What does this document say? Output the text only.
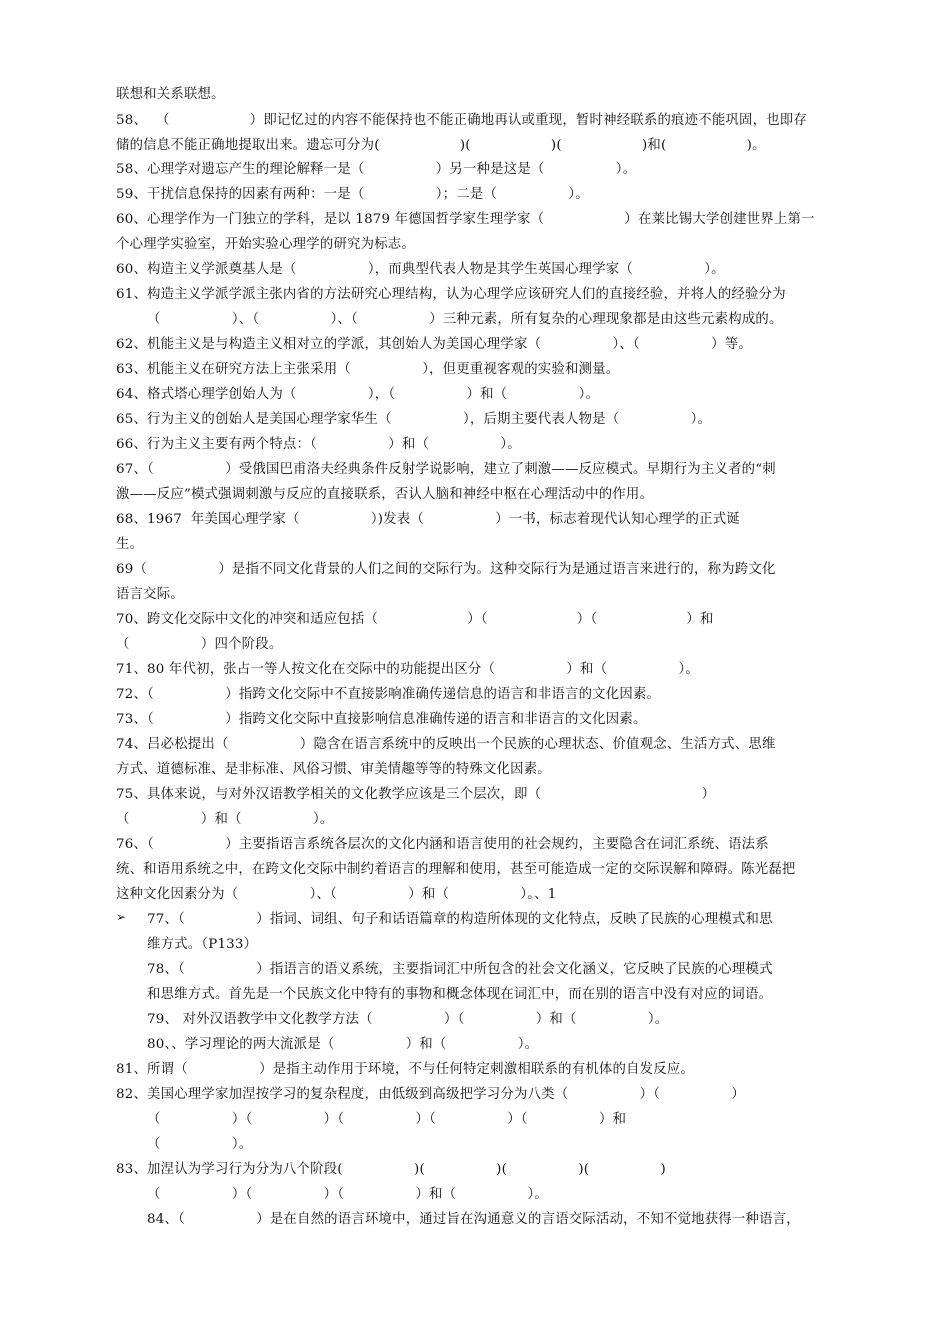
联想和关系联想。
58、  （                  ）即记忆过的内容不能保持也不能正确地再认或重现，暂时神经联系的痕迹不能巩固，也即存
储的信息不能正确地提取出来。遗忘可分为(                  )(                  )(                  )和(                  )。
58、心理学对遗忘产生的理论解释一是（                ）另一种是这是（                ）。
59、干扰信息保持的因素有两种：一是（                ）；二是（                ）。
60、心理学作为一门独立的学科，是以 1879 年德国哲学家生理学家（                  ）在莱比锡大学创建世界上第一
个心理学实验室，开始实验心理学的研究为标志。
60、构造主义学派奠基人是（                ），而典型代表人物是其学生英国心理学家（                ）。
61、构造主义学派学派主张内省的方法研究心理结构，认为心理学应该研究人们的直接经验，并将人的经验分为
（                ）、（                ）、（                ）三种元素，所有复杂的心理现象都是由这些元素构成的。
62、机能主义是与构造主义相对立的学派，其创始人为美国心理学家（                ）、（                ）等。
63、机能主义在研究方法上主张采用（                ），但更重视客观的实验和测量。
64、格式塔心理学创始人为（                ），（                ）和（                ）。
65、行为主义的创始人是美国心理学家华生（                ），后期主要代表人物是（                ）。
66、行为主义主要有两个特点：（                ）和（                ）。
67、（                ）受俄国巴甫洛夫经典条件反射学说影响，建立了刺激——反应模式。早期行为主义者的“刺
激——反应”模式强调刺激与反应的直接联系，否认人脑和神经中枢在心理活动中的作用。
68、1967  年美国心理学家（                ）)发表（                ）一书，标志着现代认知心理学的正式诞
生。
69（                ）是指不同文化背景的人们之间的交际行为。这种交际行为是通过语言来进行的，称为跨文化
语言交际。
70、跨文化交际中文化的冲突和适应包括（                    ）（                    ）（                    ）和
（                ）四个阶段。
71、80 年代初，张占一等人按文化在交际中的功能提出区分（                ）和（                ）。
72、（                ）指跨文化交际中不直接影响准确传递信息的语言和非语言的文化因素。
73、（                ）指跨文化交际中直接影响信息准确传递的语言和非语言的文化因素。
74、吕必松提出（                ）隐含在语言系统中的反映出一个民族的心理状态、价值观念、生活方式、思维
方式、道德标准、是非标准、风俗习惯、审美情趣等等的特殊文化因素。
75、具体来说，与对外汉语教学相关的文化教学应该是三个层次，即（                                    ）
（                ）和（                ）。
76、（                ）主要指语言系统各层次的文化内涵和语言使用的社会规约，主要隐含在词汇系统、语法系
统、和语用系统之中，在跨文化交际中制约着语言的理解和使用，甚至可能造成一定的交际误解和障碍。陈光磊把
这种文化因素分为（                ）、（                ）和（                ）。、1
77、（                ）指词、词组、句子和话语篇章的构造所体现的文化特点，反映了民族的心理模式和思
维方式。（P133）
78、（                ）指语言的语义系统，主要指词汇中所包含的社会文化涵义，它反映了民族的心理模式
和思维方式。首先是一个民族文化中特有的事物和概念体现在词汇中，而在别的语言中没有对应的词语。
79、 对外汉语教学中文化教学方法（                ）（                ）和（                ）。
80、、学习理论的两大流派是（                ）和（                ）。
81、所谓（                ）是指主动作用于环境，不与任何特定刺激相联系的有机体的自发反应。
82、美国心理学家加涅按学习的复杂程度，由低级到高级把学习分为八类（                ）（                ）
（                ）（                ）（                ）（                ）（                ）和
（                ）。
83、加涅认为学习行为分为八个阶段(                )(                )(                )(                )
（                ）（                ）（                ）和（                ）。
84、（                ）是在自然的语言环境中，通过旨在沟通意义的言语交际活动，不知不觉地获得一种语言，
➢
